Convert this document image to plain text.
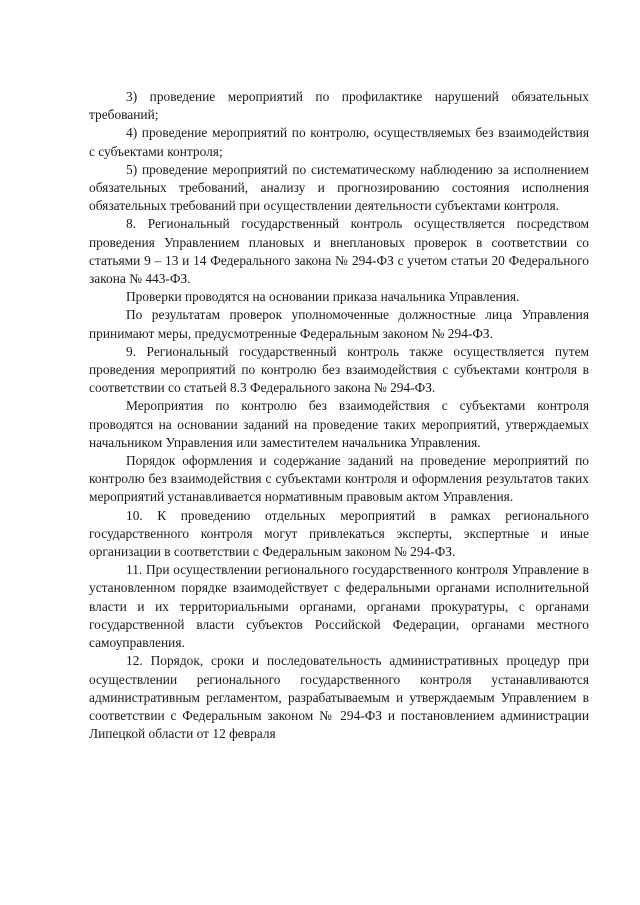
3) проведение мероприятий по профилактике нарушений обязательных требований;

4) проведение мероприятий по контролю, осуществляемых без взаимодействия с субъектами контроля;

5) проведение мероприятий по систематическому наблюдению за исполнением обязательных требований, анализу и прогнозированию состояния исполнения обязательных требований при осуществлении деятельности субъектами контроля.

8. Региональный государственный контроль осуществляется посредством проведения Управлением плановых и внеплановых проверок в соответствии со статьями 9 – 13 и 14 Федерального закона № 294-ФЗ с учетом статьи 20 Федерального закона № 443-ФЗ.

Проверки проводятся на основании приказа начальника Управления.

По результатам проверок уполномоченные должностные лица Управления принимают меры, предусмотренные Федеральным законом № 294-ФЗ.

9. Региональный государственный контроль также осуществляется путем проведения мероприятий по контролю без взаимодействия с субъектами контроля в соответствии со статьей 8.3 Федерального закона № 294-ФЗ.

Мероприятия по контролю без взаимодействия с субъектами контроля проводятся на основании заданий на проведение таких мероприятий, утверждаемых начальником Управления или заместителем начальника Управления.

Порядок оформления и содержание заданий на проведение мероприятий по контролю без взаимодействия с субъектами контроля и оформления результатов таких мероприятий устанавливается нормативным правовым актом Управления.

10. К проведению отдельных мероприятий в рамках регионального государственного контроля могут привлекаться эксперты, экспертные и иные организации в соответствии с Федеральным законом № 294-ФЗ.

11. При осуществлении регионального государственного контроля Управление в установленном порядке взаимодействует с федеральными органами исполнительной власти и их территориальными органами, органами прокуратуры, с органами государственной власти субъектов Российской Федерации, органами местного самоуправления.

12. Порядок, сроки и последовательность административных процедур при осуществлении регионального государственного контроля устанавливаются административным регламентом, разрабатываемым и утверждаемым Управлением в соответствии с Федеральным законом № 294-ФЗ и постановлением администрации Липецкой области от 12 февраля
